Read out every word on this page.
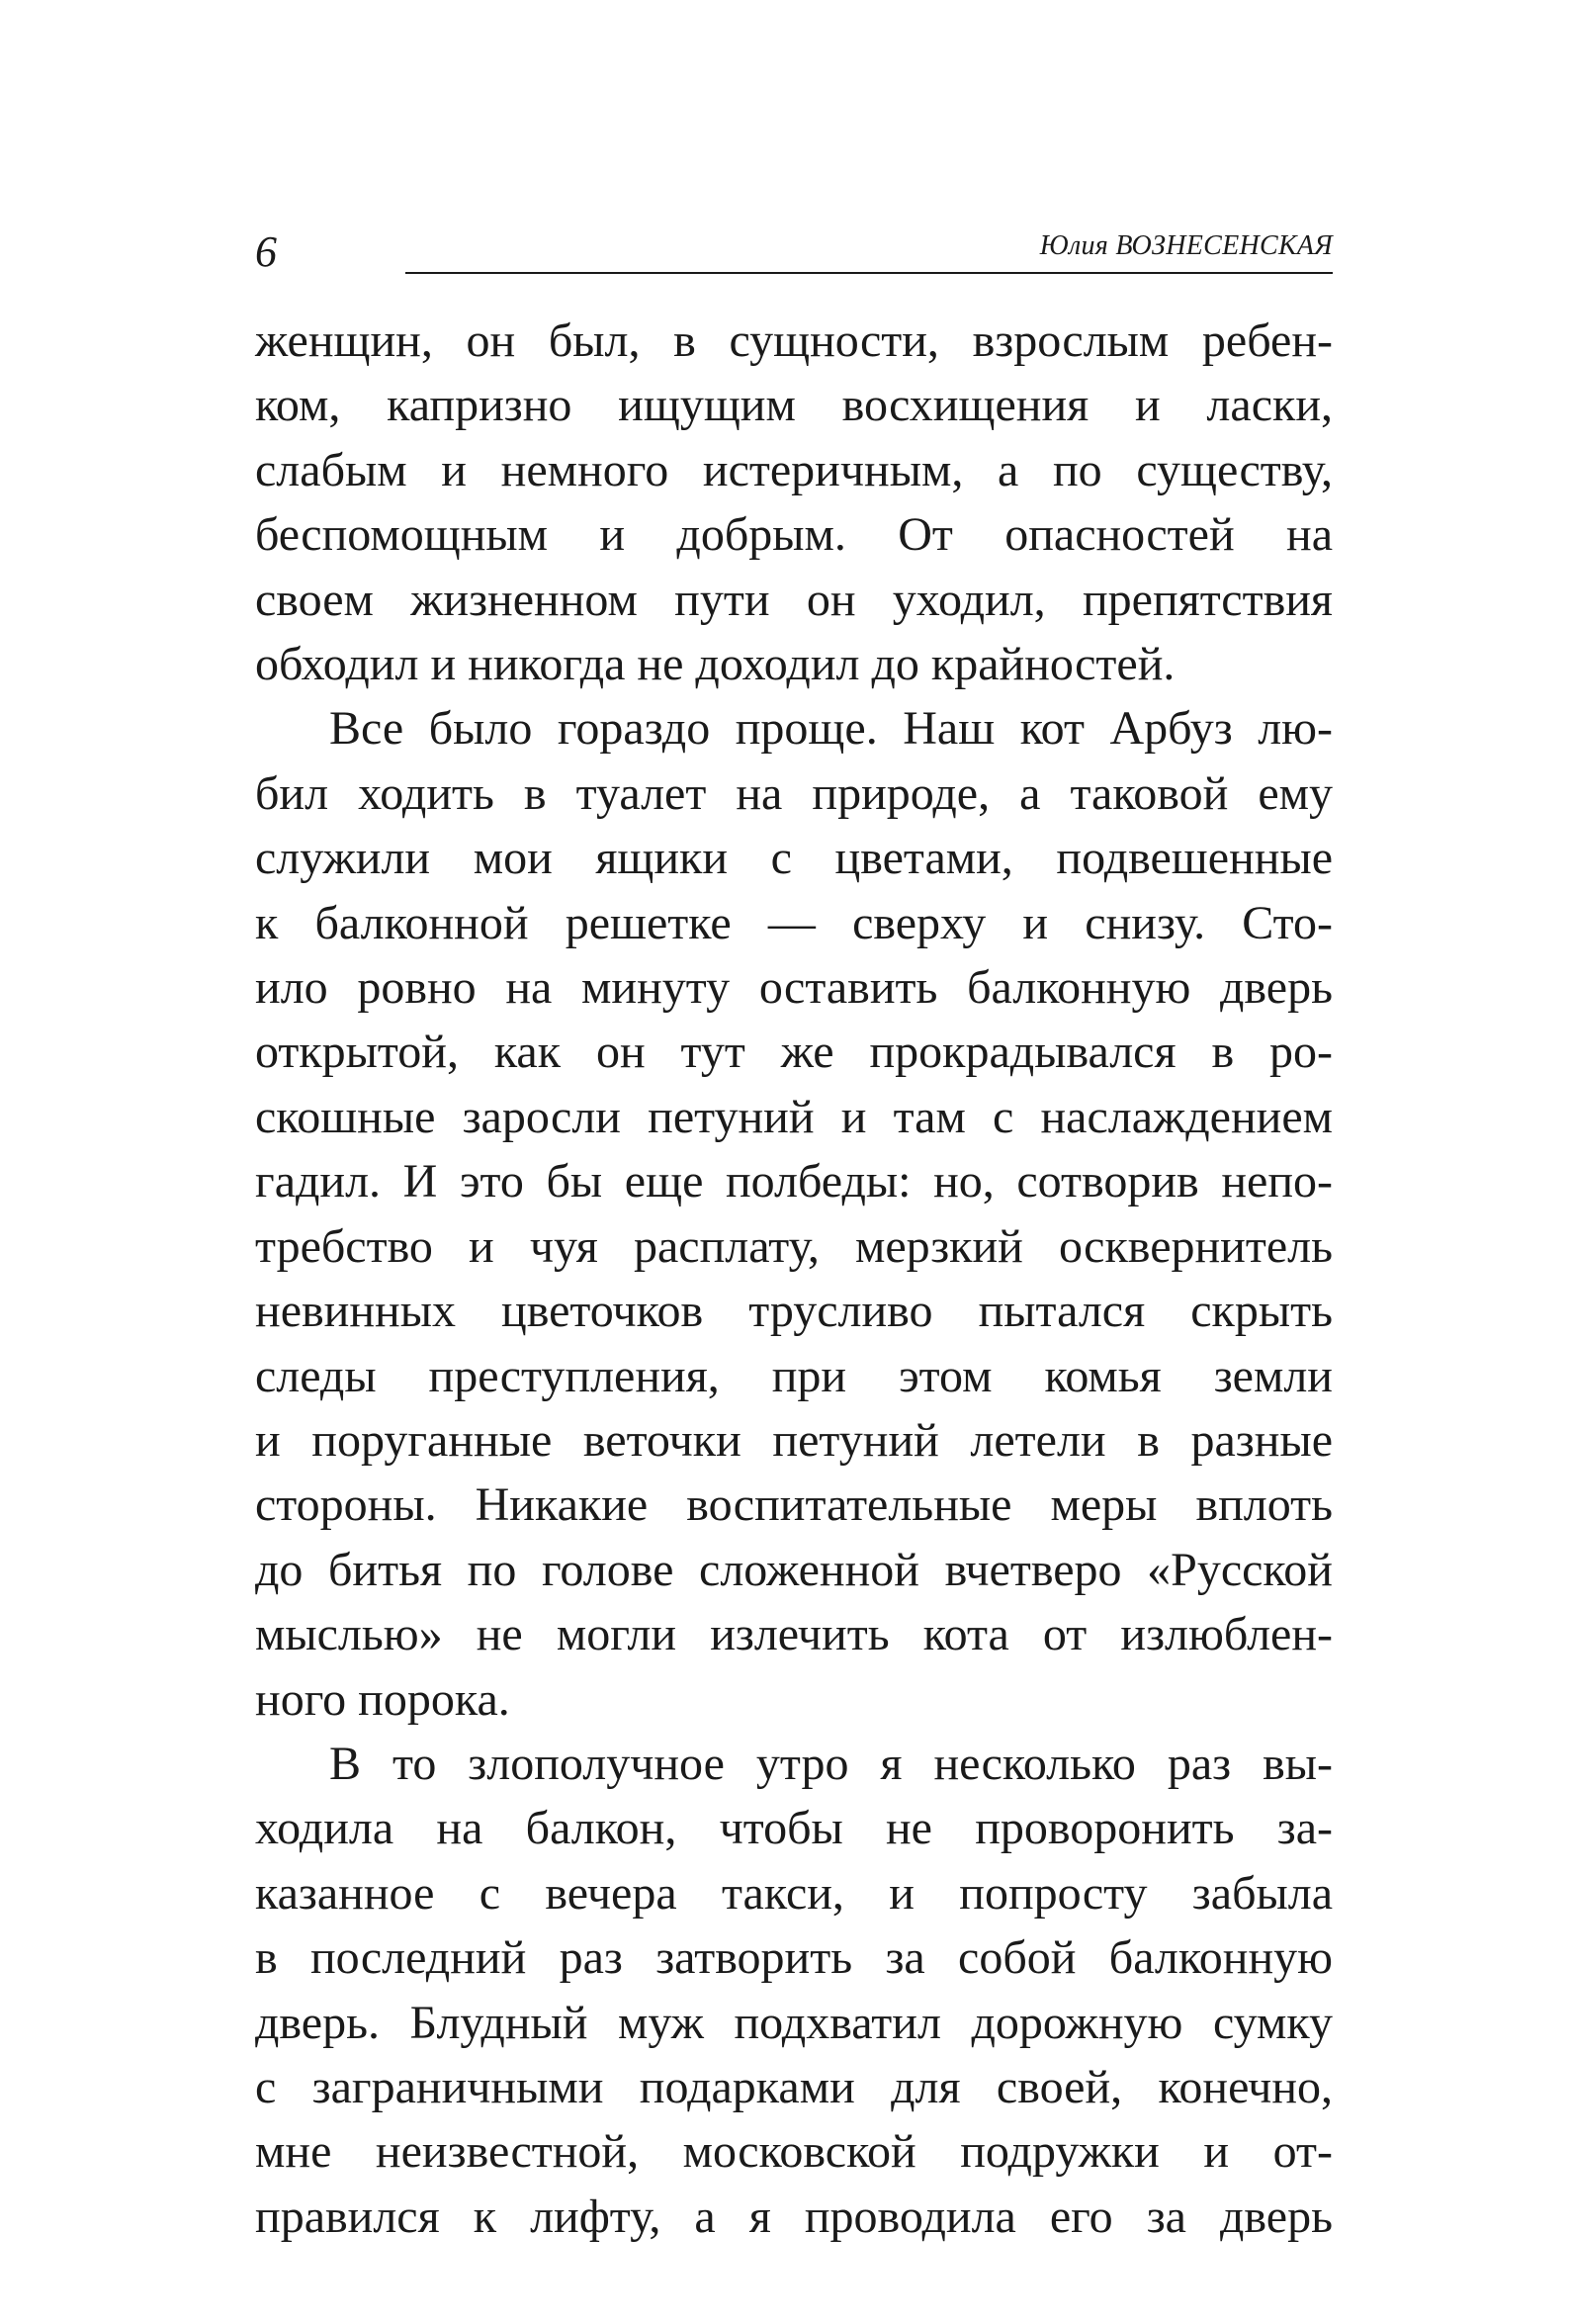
6	Юлия ВОЗНЕСЕНСКАЯ

женщин, он был, в сущности, взрослым ребен-

ком, капризно ищущим восхищения и ласки,

слабым и немного истеричным, а по существу,

беспомощным и добрым. От опасностей на

своем жизненном пути он уходил, препятствия

обходил и никогда не доходил до крайностей.

Все было гораздо проще. Наш кот Арбуз лю-

бил ходить в туалет на природе, а таковой ему

служили мои ящики с цветами, подвешенные

к балконной решетке — сверху и снизу. Сто-

ило ровно на минуту оставить балконную дверь

открытой, как он тут же прокрадывался в ро-

скошные заросли петуний и там с наслаждением

гадил. И это бы еще полбеды: но, сотворив непо-

требство и чуя расплату, мерзкий осквернитель

невинных цветочков трусливо пытался скрыть

следы преступления, при этом комья земли

и поруганные веточки петуний летели в разные

стороны. Никакие воспитательные меры вплоть

до битья по голове сложенной вчетверо «Русской

мыслью» не могли излечить кота от излюблен-

ного порока.

В то злополучное утро я несколько раз вы-

ходила на балкон, чтобы не проворонить за-

казанное с вечера такси, и попросту забыла

в последний раз затворить за собой балконную

дверь. Блудный муж подхватил дорожную сумку

с заграничными подарками для своей, конечно,

мне неизвестной, московской подружки и от-

правился к лифту, а я проводила его за дверь
